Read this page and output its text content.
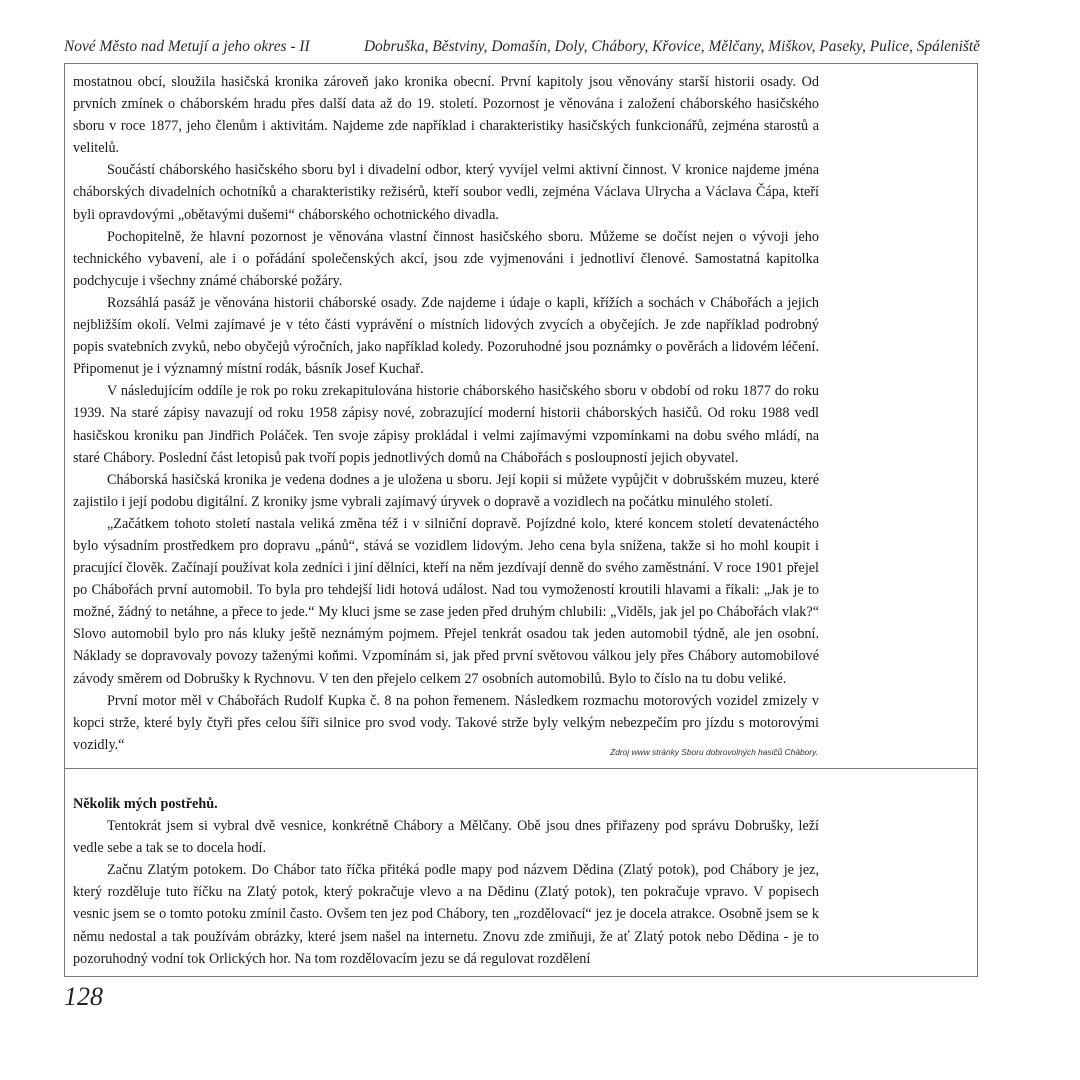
Nové Město nad Metují a jeho okres - II	Dobruška, Běstviny, Domašín, Doly, Chábory, Křovice, Mělčany, Miškov, Paseky, Pulice, Spáleniště

mostatnou obcí, sloužila hasičská kronika zároveň jako kronika obecní. První kapitoly jsou věnovány starší historii osady. Od prvních zmínek o cháborském hradu přes další data až do 19. století. Pozornost je věnována i založení cháborského hasičského sboru v roce 1877, jeho členům i aktivitám. Najdeme zde například i charakteristiky hasičských funkcionářů, zejména starostů a velitelů.

Součástí cháborského hasičského sboru byl i divadelní odbor, který vyvíjel velmi aktivní činnost. V kronice najdeme jména cháborských divadelních ochotníků a charakteristiky režisérů, kteří soubor vedli, zejména Václava Ulrycha a Václava Čápa, kteří byli opravdovými „obětavými dušemi“ cháborského ochotnického divadla.

Pochopitelně, že hlavní pozornost je věnována vlastní činnost hasičského sboru. Můžeme se dočíst nejen o vývoji jeho technického vybavení, ale i o pořádání společenských akcí, jsou zde vyjmenováni i jednotliví členové. Samostatná kapitolka podchycuje i všechny známé cháborské požáry.

Rozsáhlá pasáž je věnována historii cháborské osady. Zde najdeme i údaje o kapli, křížích a sochách v Chábořách a jejich nejbližším okolí. Velmi zajímavé je v této části vyprávění o místních lidových zvycích a obyčejích. Je zde například podrobný popis svatebních zvyků, nebo obyčejů výročních, jako například koledy. Pozoruhodné jsou poznámky o pověrách a lidovém léčení. Připomenut je i významný místní rodák, básník Josef Kuchař.

V následujícím oddíle je rok po roku zrekapitulována historie cháborského hasičského sboru v období od roku 1877 do roku 1939. Na staré zápisy navazují od roku 1958 zápisy nové, zobrazující moderní historii cháborských hasičů. Od roku 1988 vedl hasičskou kroniku pan Jindřich Poláček. Ten svoje zápisy prokládal i velmi zajímavými vzpomínkami na dobu svého mládí, na staré Chábory. Poslední část letopisů pak tvoří popis jednotlivých domů na Chábořách s posloupností jejich obyvatel.

Cháborská hasičská kronika je vedena dodnes a je uložena u sboru. Její kopii si můžete vypůjčit v dobrušském muzeu, které zajistilo i její podobu digitální. Z kroniky jsme vybrali zajímavý úryvek o dopravě a vozidlech na počátku minulého století.

„Začátkem tohoto století nastala veliká změna též i v silniční dopravě. Pojízdné kolo, které koncem století devatenáctého bylo výsadním prostředkem pro dopravu „pánů“, stává se vozidlem lidovým. Jeho cena byla snížena, takže si ho mohl koupit i pracující člověk. Začínají používat kola zedníci i jiní dělníci, kteří na něm jezdívají denně do svého zaměstnání. V roce 1901 přejel po Chábořách první automobil. To byla pro tehdejší lidi hotová událost. Nad tou vymožeností kroutili hlavami a říkali: „Jak je to možné, žádný to netáhne, a přece to jede.“ My kluci jsme se zase jeden před druhým chlubili: „Viděls, jak jel po Chábořách vlak?“ Slovo automobil bylo pro nás kluky ještě neznámým pojmem. Přejel tenkrát osadou tak jeden automobil týdně, ale jen osobní. Náklady se dopravovaly povozy taženými koňmi. Vzpomínám si, jak před první světovou válkou jely přes Chábory automobilové závody směrem od Dobrušky k Rychnovu. V ten den přejelo celkem 27 osobních automobilů. Bylo to číslo na tu dobu veliké.

První motor měl v Chábořách Rudolf Kupka č. 8 na pohon řemenem. Následkem rozmachu motorových vozidel zmizely v kopci strže, které byly čtyři přes celou šíři silnice pro svod vody. Takové strže byly velkým nebezpečím pro jízdu s motorovými vozidly.“	Zdroj www stránky Sboru dobrovolných hasičů Chábory.

Několik mých postřehů.

Tentokrát jsem si vybral dvě vesnice, konkrétně Chábory a Mělčany. Obě jsou dnes přiřazeny pod správu Dobrušky, leží vedle sebe a tak se to docela hodí.

Začnu Zlatým potokem. Do Chábor tato říčka přitéká podle mapy pod názvem Dědina (Zlatý potok), pod Chábory je jez, který rozděluje tuto říčku na Zlatý potok, který pokračuje vlevo a na Dědinu (Zlatý potok), ten pokračuje vpravo. V popisech vesnic jsem se o tomto potoku zmínil často. Ovšem ten jez pod Chábory, ten „rozdělovací“ jez je docela atrakce. Osobně jsem se k němu nedostal a tak používám obrázky, které jsem našel na internetu. Znovu zde zmiňuji, že ať Zlatý potok nebo Dědina - je to pozoruhodný vodní tok Orlických hor. Na tom rozdělovacím jezu se dá regulovat rozdělení

128
